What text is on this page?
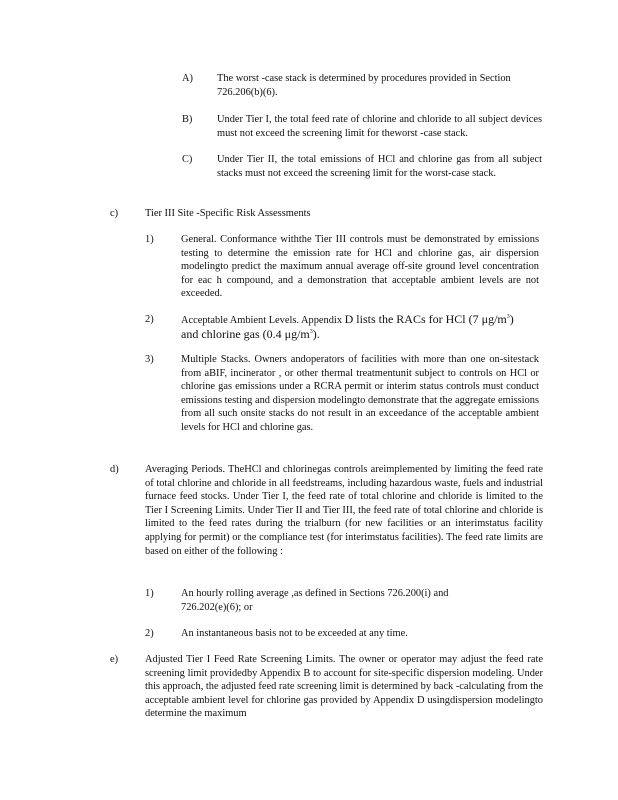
A) The worst -case stack is determined by procedures provided in Section 726.206(b)(6).
B) Under Tier I, the total feed rate of chlorine and chloride to all subject devices must not exceed the screening limit for theworst -case stack.
C) Under Tier II, the total emissions of HCl and chlorine gas from all subject stacks must not exceed the screening limit for the worst-case stack.
c)	Tier III Site -Specific Risk Assessments
1)	General. Conformance withthe Tier III controls must be demonstrated by emissions testing to determine the emission rate for HCl and chlorine gas, air dispersion modelingto predict the maximum annual average off-site ground level concentration for eac h compound, and a demonstration that acceptable ambient levels are not exceeded.
2)	Acceptable Ambient Levels. Appendix D lists the RACs for HCl (7 $\mu g/m^3$)
and chlorine gas (0.4 $\mu g/m^3$).
3)	Multiple Stacks. Owners andoperators of facilities with more than one on-sitestack from aBIF, incinerator , or other thermal treatmentunit subject to controls on HCl or chlorine gas emissions under a RCRA permit or interim status controls must conduct emissions testing and dispersion modelingto demonstrate that the aggregate emissions from all such onsite stacks do not result in an exceedance of the acceptable ambient levels for HCl and chlorine gas.
d)	Averaging Periods. TheHCl and chlorinegas controls areimplemented by limiting the feed rate of total chlorine and chloride in all feedstreams, including hazardous waste, fuels and industrial furnace feed stocks. Under Tier I, the feed rate of total chlorine and chloride is limited to the Tier I Screening Limits. Under Tier II and Tier III, the feed rate of total chlorine and chloride is limited to the feed rates during the trialburn (for new facilities or an interimstatus facility applying for permit) or the compliance test (for interimstatus facilities). The feed rate limits are based on either of the following :
1)	An hourly rolling average ,as defined in Sections 726.200(i) and 726.202(e)(6); or
2)	An instantaneous basis not to be exceeded at any time.
e)	Adjusted Tier I Feed Rate Screening Limits. The owner or operator may adjust the feed rate screening limit providedby Appendix B to account for site-specific dispersion modeling. Under this approach, the adjusted feed rate screening limit is determined by back -calculating from the acceptable ambient level for chlorine gas provided by Appendix D usingdispersion modelingto determine the maximum
